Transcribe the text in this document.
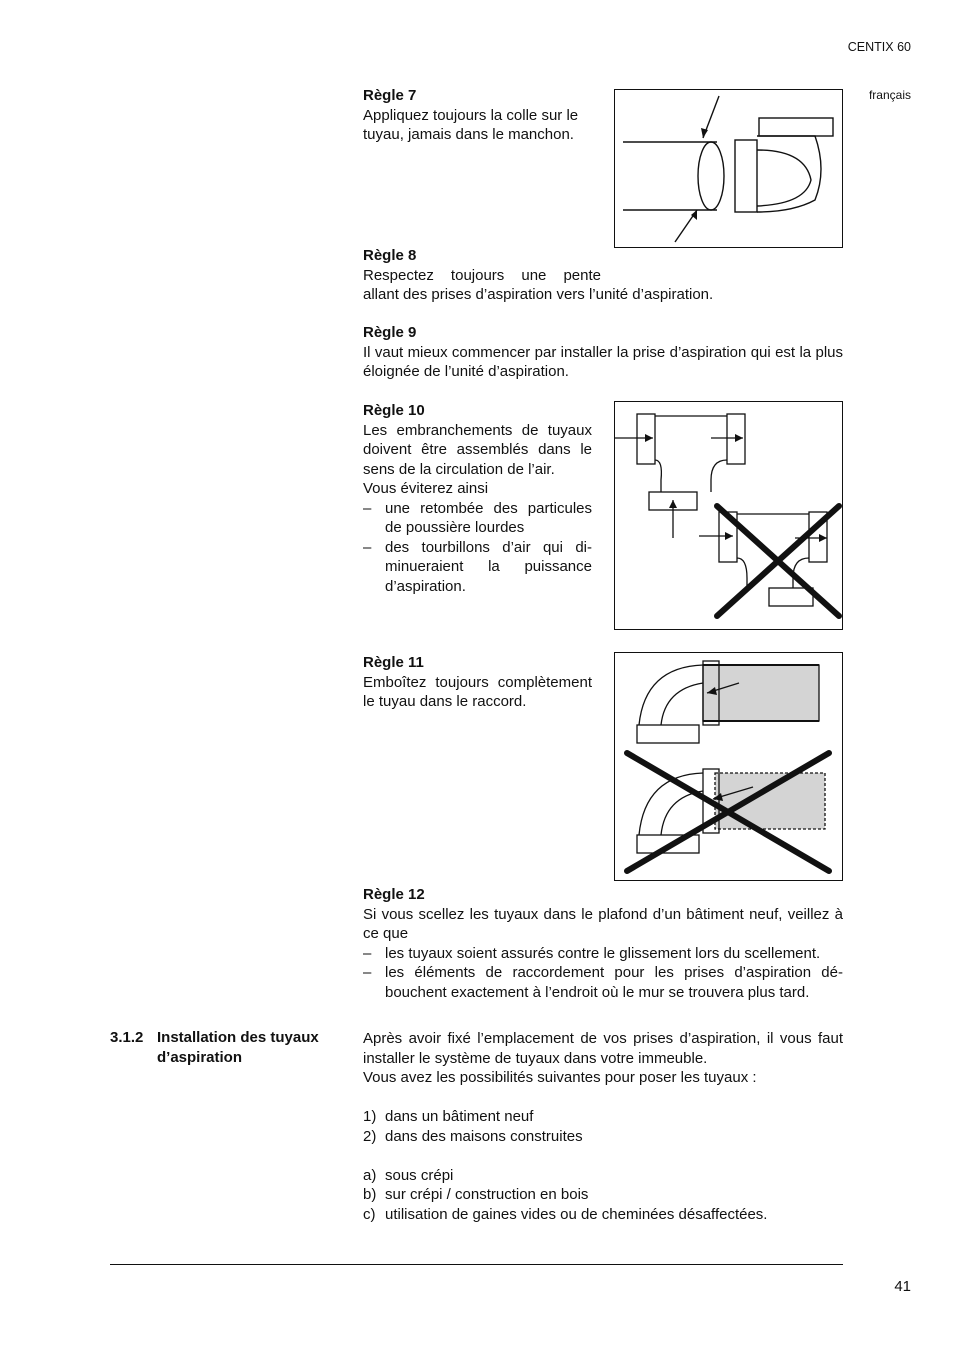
CENTIX 60
français
Règle 7
Appliquez toujours la colle sur le tuyau, jamais dans le manchon.
Règle 8
Respectez toujours une pente
allant des prises d’aspiration vers l’unité d’aspiration.
Règle 9
Il vaut mieux commencer par installer la prise d’aspiration qui est la plus éloignée de l’unité d’aspiration.
Règle 10
Les embranchements de tuyaux doivent être assemblés dans le sens de la circulation de l’air.
Vous éviterez ainsi
– une retombée des particules de poussière lourdes
– des tourbillons d’air qui diminueraient la puissance d’aspiration.
Règle 11
Emboîtez toujours complètement le tuyau dans le raccord.
Règle 12
Si vous scellez les tuyaux dans le plafond d’un bâtiment neuf, veillez à ce que
– les tuyaux soient assurés contre le glissement lors du scellement.
– les éléments de raccordement pour les prises d’aspiration débouchent exactement à l’endroit où le mur se trouvera plus tard.
3.1.2 Installation des tuyaux d’aspiration
Après avoir fixé l’emplacement de vos prises d’aspiration, il vous faut installer le système de tuyaux dans votre immeuble.
Vous avez les possibilités suivantes pour poser les tuyaux :
1) dans un bâtiment neuf
2) dans des maisons construites
a) sous crépi
b) sur crépi / construction en bois
c) utilisation de gaines vides ou de cheminées désaffectées.
41
